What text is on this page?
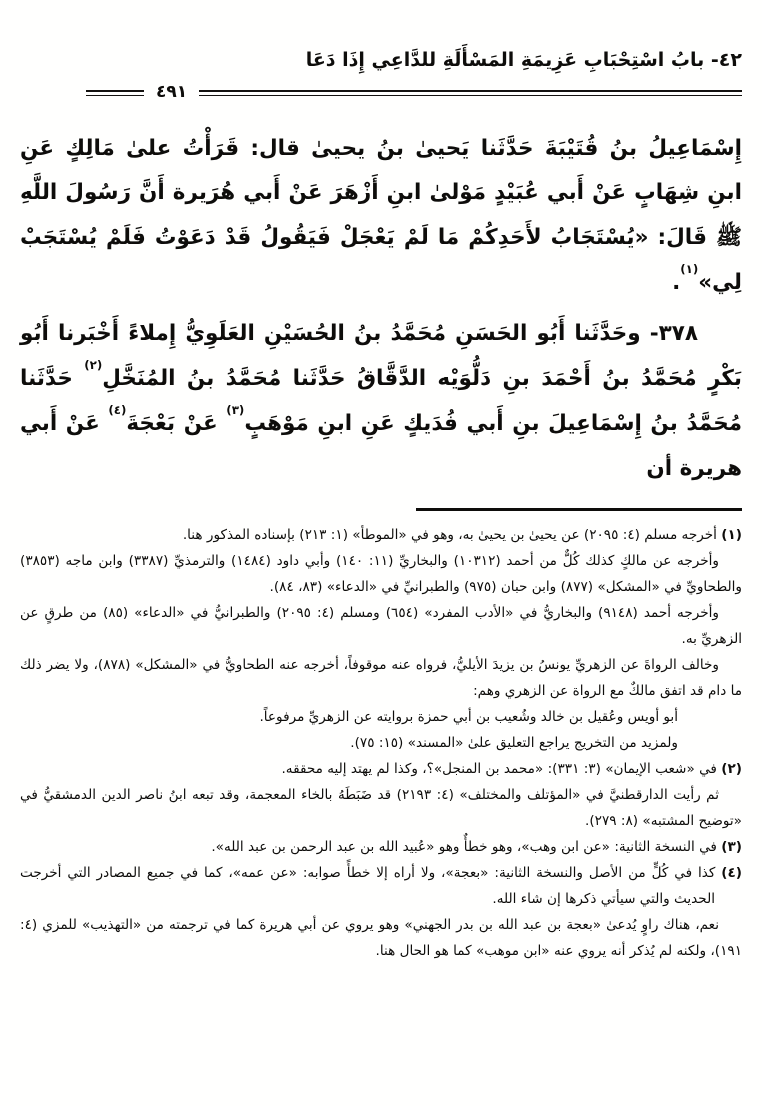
٤٢- بابُ اسْتِحْبَابِ عَزِيمَةِ المَسْأَلَةِ للدَّاعِي إِذَا دَعَا
٤٩١

إِسْمَاعِيلُ بنُ قُتَيْبَةَ حَدَّثَنا يَحيىٰ بنُ يحيىٰ قال: قَرَأْتُ علىٰ مَالِكٍ عَنِ ابنِ شِهَابٍ عَنْ أَبي عُبَيْدٍ مَوْلىٰ ابنِ أَزْهَرَ عَنْ أَبي هُرَيرة أَنَّ رَسُولَ اللَّهِ ﷺ قَالَ: «يُسْتَجَابُ لأَحَدِكُمْ مَا لَمْ يَعْجَلْ فَيَقُولُ قَدْ دَعَوْتُ فَلَمْ يُسْتَجَبْ لِي»$^{(١)}$.

٣٧٨- وحَدَّثَنا أَبُو الحَسَنِ مُحَمَّدُ بنُ الحُسَيْنِ العَلَوِيُّ إِملاءً أَخْبَرنا أَبُو بَكْرٍ مُحَمَّدُ بنُ أَحْمَدَ بنِ دَلُّوَيْه الدَّقَّاقُ حَدَّثَنا مُحَمَّدُ بنُ المُنَخَّلِ$^{(٢)}$ حَدَّثَنا مُحَمَّدُ بنُ إِسْمَاعِيلَ بنِ أَبي فُدَيكٍ عَنِ ابنِ مَوْهَبٍ$^{(٣)}$ عَنْ بَعْجَةَ$^{(٤)}$ عَنْ أَبي هريرة أن

(١) أخرجه مسلم (٤: ٢٠٩٥) عن يحيىٰ بن يحيىٰ به، وهو في «الموطأ» (١: ٢١٣) بإسناده المذكور هنا.

وأخرجه عن مالكٍ كذلك كُلٌّ من أحمد (١٠٣١٢) والبخاريِّ (١١: ١٤٠) وأبي داود (١٤٨٤) والترمذيِّ (٣٣٨٧) وابن ماجه (٣٨٥٣) والطحاويِّ في «المشكل» (٨٧٧) وابن حبان (٩٧٥) والطبرانيِّ في «الدعاء» (٨٣، ٨٤).

وأخرجه أحمد (٩١٤٨) والبخاريُّ في «الأدب المفرد» (٦٥٤) ومسلم (٤: ٢٠٩٥) والطبرانيُّ في «الدعاء» (٨٥) من طرقٍ عن الزهريِّ به.

وخالف الرواةَ عن الزهريِّ يونسُ بن يزيدَ الأيليُّ، فرواه عنه موقوفاً، أخرجه عنه الطحاويُّ في «المشكل» (٨٧٨)، ولا يضر ذلك ما دام قد اتفق مالكٌ مع الرواة عن الزهري وهم:

أبو أويس وعُقيل بن خالد وشُعيب بن أبي حمزة بروايته عن الزهريِّ مرفوعاً.

ولمزيد من التخريج يراجع التعليق علىٰ «المسند» (١٥: ٧٥).

(٢) في «شعب الإيمان» (٣: ٣٣١): «محمد بن المنجل»؟، وكذا لم يهتد إليه محققه.

ثم رأيت الدارقطنيَّ في «المؤتلف والمختلف» (٤: ٢١٩٣) قد ضَبَطَهُ بالخاء المعجمة، وقد تبعه ابنُ ناصر الدين الدمشقيُّ في «توضيح المشتبه» (٨: ٢٧٩).

(٣) في النسخة الثانية: «عن ابن وهب»، وهو خطأٌ وهو «عُبيد الله بن عبد الرحمن بن عبد الله».

(٤) كذا في كُلٍّ من الأصل والنسخة الثانية: «بعجة»، ولا أراه إلا خطأً صوابه: «عن عمه»، كما في جميع المصادر التي أخرجت الحديث والتي سيأتي ذكرها إن شاء الله.

نعم، هناك راوٍ يُدعىٰ «بعجة بن عبد الله بن بدر الجهني» وهو يروي عن أبي هريرة كما في ترجمته من «التهذيب» للمزي (٤: ١٩١)، ولكنه لم يُذكر أنه يروي عنه «ابن موهب» كما هو الحال هنا.
